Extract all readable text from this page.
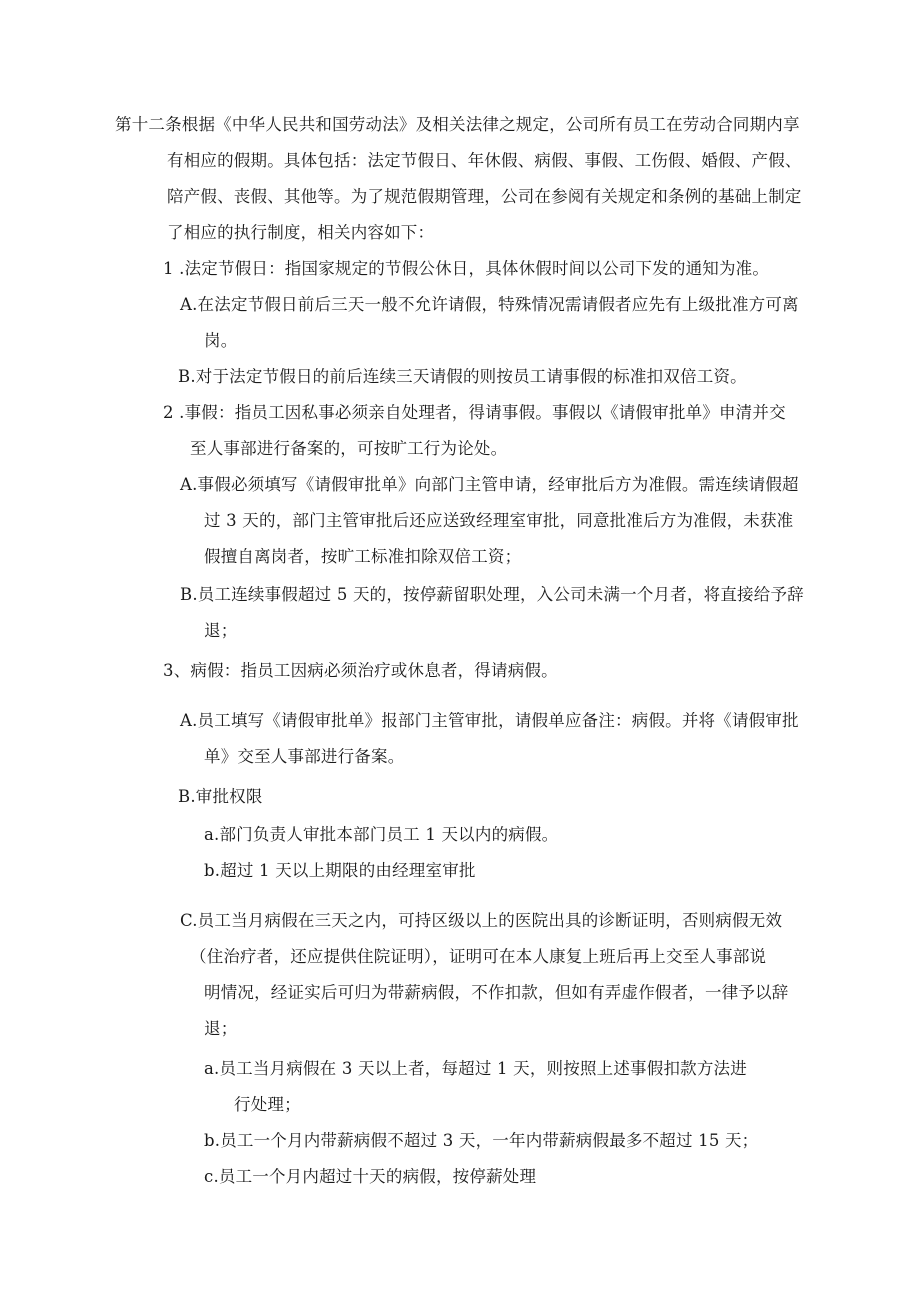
第十二条根据《中华人民共和国劳动法》及相关法律之规定，公司所有员工在劳动合同期内享
有相应的假期。具体包括：法定节假日、年休假、病假、事假、工伤假、婚假、产假、
陪产假、丧假、其他等。为了规范假期管理，公司在参阅有关规定和条例的基础上制定
了相应的执行制度，相关内容如下：
1 .法定节假日：指国家规定的节假公休日，具体休假时间以公司下发的通知为准。
A.在法定节假日前后三天一般不允许请假，特殊情况需请假者应先有上级批准方可离
岗。
B.对于法定节假日的前后连续三天请假的则按员工请事假的标准扣双倍工资。
2 .事假：指员工因私事必须亲自处理者，得请事假。事假以《请假审批单》申清并交
至人事部进行备案的，可按旷工行为论处。
A.事假必须填写《请假审批单》向部门主管申请，经审批后方为准假。需连续请假超
过 3 天的，部门主管审批后还应送致经理室审批，同意批准后方为准假，未获准
假擅自离岗者，按旷工标准扣除双倍工资；
B.员工连续事假超过 5 天的，按停薪留职处理，入公司未满一个月者，将直接给予辞
退；
3、病假：指员工因病必须治疗或休息者，得请病假。
A.员工填写《请假审批单》报部门主管审批，请假单应备注：病假。并将《请假审批
单》交至人事部进行备案。
B.审批权限
a.部门负责人审批本部门员工 1 天以内的病假。
b.超过 1 天以上期限的由经理室审批
C.员工当月病假在三天之内，可持区级以上的医院出具的诊断证明，否则病假无效
（住治疗者，还应提供住院证明），证明可在本人康复上班后再上交至人事部说
明情况，经证实后可归为带薪病假，不作扣款，但如有弄虚作假者，一律予以辞
退；
a.员工当月病假在 3 天以上者，每超过 1 天，则按照上述事假扣款方法进
行处理；
b.员工一个月内带薪病假不超过 3 天，一年内带薪病假最多不超过 15 天；
c.员工一个月内超过十天的病假，按停薪处理
